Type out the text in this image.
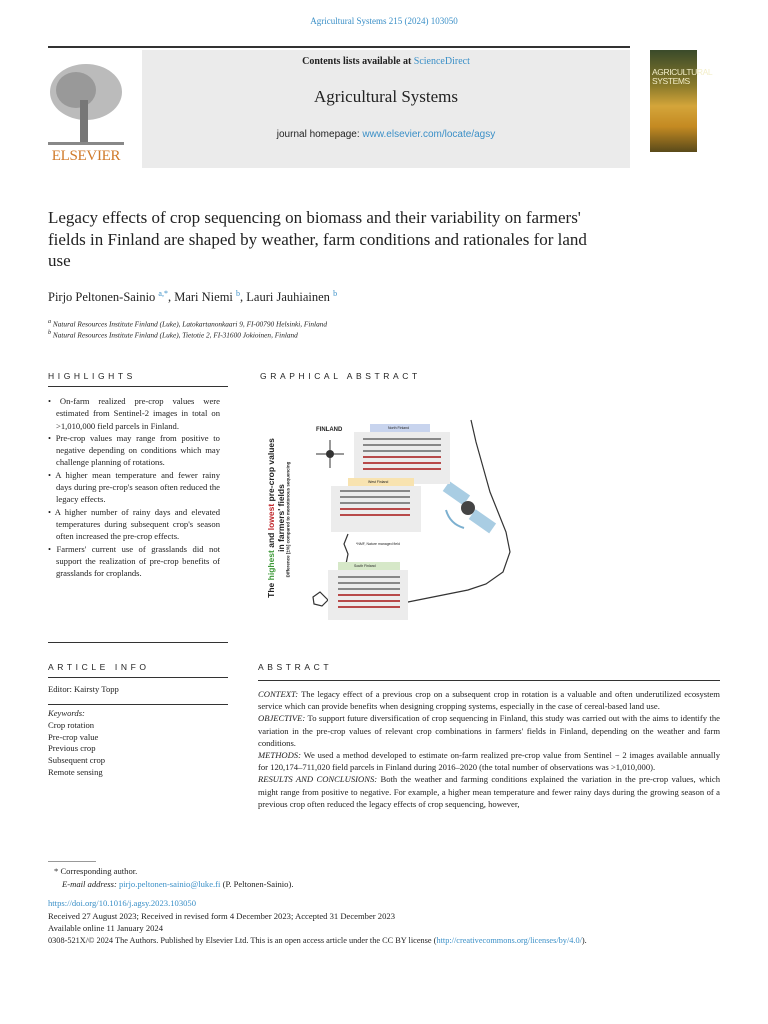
Agricultural Systems 215 (2024) 103050
ELSEVIER
Contents lists available at ScienceDirect
Agricultural Systems
journal homepage: www.elsevier.com/locate/agsy
AGRICULTURAL SYSTEMS
Legacy effects of crop sequencing on biomass and their variability on farmers' fields in Finland are shaped by weather, farm conditions and rationales for land use
Pirjo Peltonen-Sainio $^{a,*}$, Mari Niemi $^b$, Lauri Jauhiainen $^b$
$^a$ Natural Resources Institute Finland (Luke), Latokartanonkaari 9, FI-00790 Helsinki, Finland
$^b$ Natural Resources Institute Finland (Luke), Tietotie 2, FI-31600 Jokioinen, Finland
HIGHLIGHTS
• On-farm realized pre-crop values were estimated from Sentinel-2 images in total on >1,010,000 field parcels in Finland.
• Pre-crop values may range from positive to negative depending on conditions which may challenge planning of rotations.
• A higher mean temperature and fewer rainy days during pre-crop's season often reduced the legacy effects.
• A higher number of rainy days and elevated temperatures during subsequent crop's season often increased the pre-crop effects.
• Farmers' current use of grasslands did not support the realization of pre-crop benefits of grasslands for croplands.
GRAPHICAL ABSTRACT
FINLAND	North Finland
West Finland
South Finland
*NMF, Nature managed field
The highest and lowest pre-crop values
in farmers' fields Difference [±%] compared to monotonous sequencing
ARTICLE INFO
Editor: Kairsty Topp
Keywords:
Crop rotation
Pre-crop value
Previous crop
Subsequent crop
Remote sensing
ABSTRACT
CONTEXT: The legacy effect of a previous crop on a subsequent crop in rotation is a valuable and often underutilized ecosystem service which can provide benefits when designing cropping systems, especially in the case of cereal-based land use.
OBJECTIVE: To support future diversification of crop sequencing in Finland, this study was carried out with the aims to identify the variation in the pre-crop values of relevant crop combinations in farmers' fields in Finland, depending on the weather and farm conditions.
METHODS: We used a method developed to estimate on-farm realized pre-crop value from Sentinel − 2 images available annually for 120,174–711,020 field parcels in Finland during 2016–2020 (the total number of observations was >1,010,000).
RESULTS AND CONCLUSIONS: Both the weather and farming conditions explained the variation in the pre-crop values, which might range from positive to negative. For example, a higher mean temperature and fewer rainy days during the growing season of a previous crop often reduced the legacy effects of crop sequencing, however,
* Corresponding author.
E-mail address: pirjo.peltonen-sainio@luke.fi (P. Peltonen-Sainio).
https://doi.org/10.1016/j.agsy.2023.103050
Received 27 August 2023; Received in revised form 4 December 2023; Accepted 31 December 2023
Available online 11 January 2024
0308-521X/© 2024 The Authors. Published by Elsevier Ltd. This is an open access article under the CC BY license (http://creativecommons.org/licenses/by/4.0/).
